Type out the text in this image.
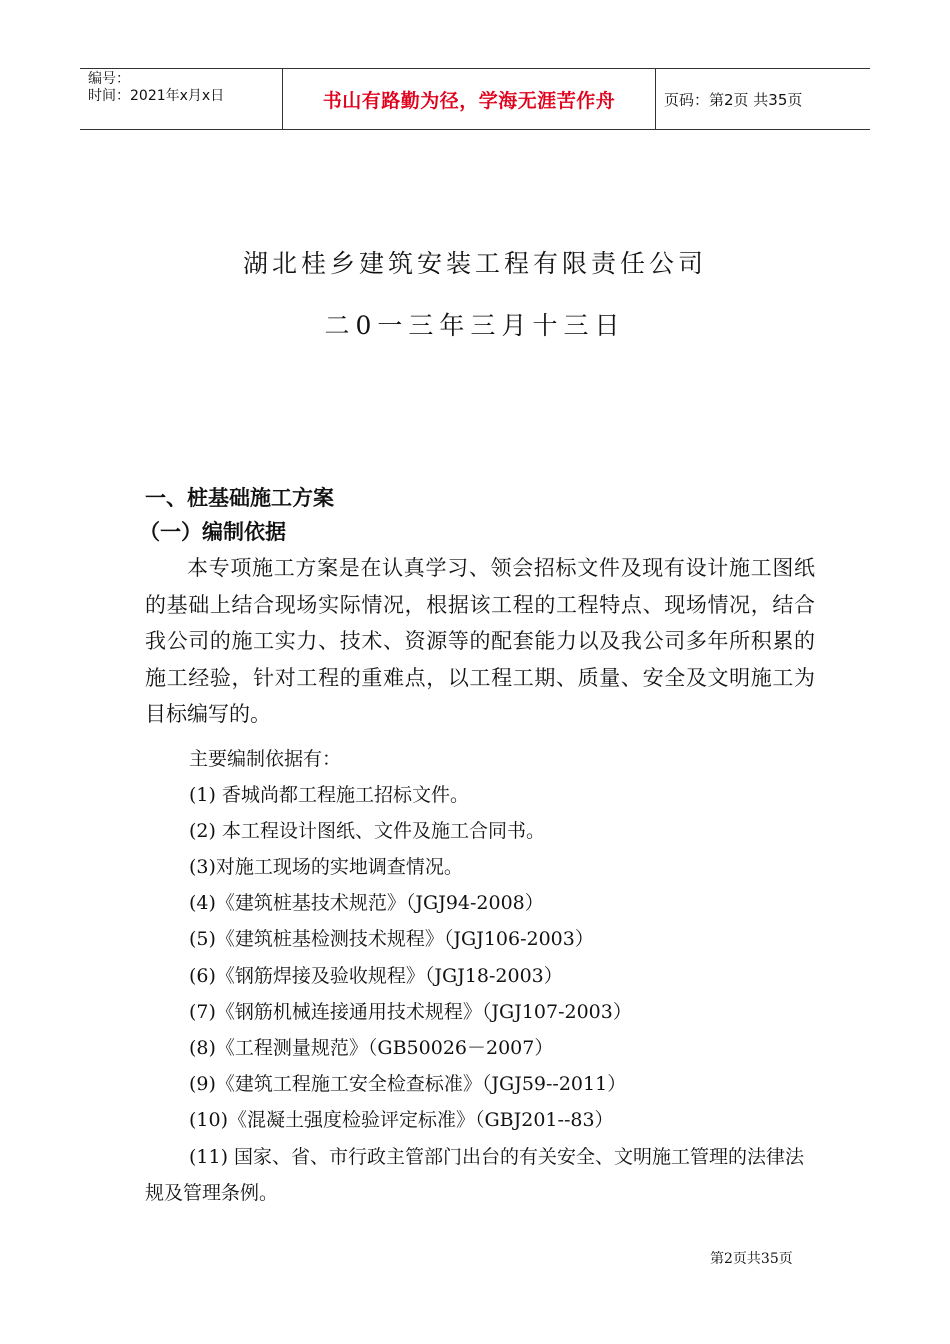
编号：
时间：2021年x月x日	书山有路勤为径，学海无涯苦作舟	页码：第2页 共35页
湖北桂乡建筑安装工程有限责任公司
二0一三年三月十三日
一、桩基础施工方案
（一）编制依据

本专项施工方案是在认真学习、领会招标文件及现有设计施工图纸的基础上结合现场实际情况，根据该工程的工程特点、现场情况，结合我公司的施工实力、技术、资源等的配套能力以及我公司多年所积累的施工经验，针对工程的重难点，以工程工期、质量、安全及文明施工为目标编写的。

主要编制依据有：
(1) 香城尚都工程施工招标文件。
(2) 本工程设计图纸、文件及施工合同书。
(3)对施工现场的实地调查情况。
(4)《建筑桩基技术规范》（JGJ94-2008）
(5)《建筑桩基检测技术规程》（JGJ106-2003）
(6)《钢筋焊接及验收规程》（JGJ18-2003）
(7)《钢筋机械连接通用技术规程》（JGJ107-2003）
(8)《工程测量规范》（GB50026－2007）
(9)《建筑工程施工安全检查标准》（JGJ59--2011）
(10)《混凝土强度检验评定标准》（GBJ201--83）
(11) 国家、省、市行政主管部门出台的有关安全、文明施工管理的法律法规及管理条例。
第2页共35页
